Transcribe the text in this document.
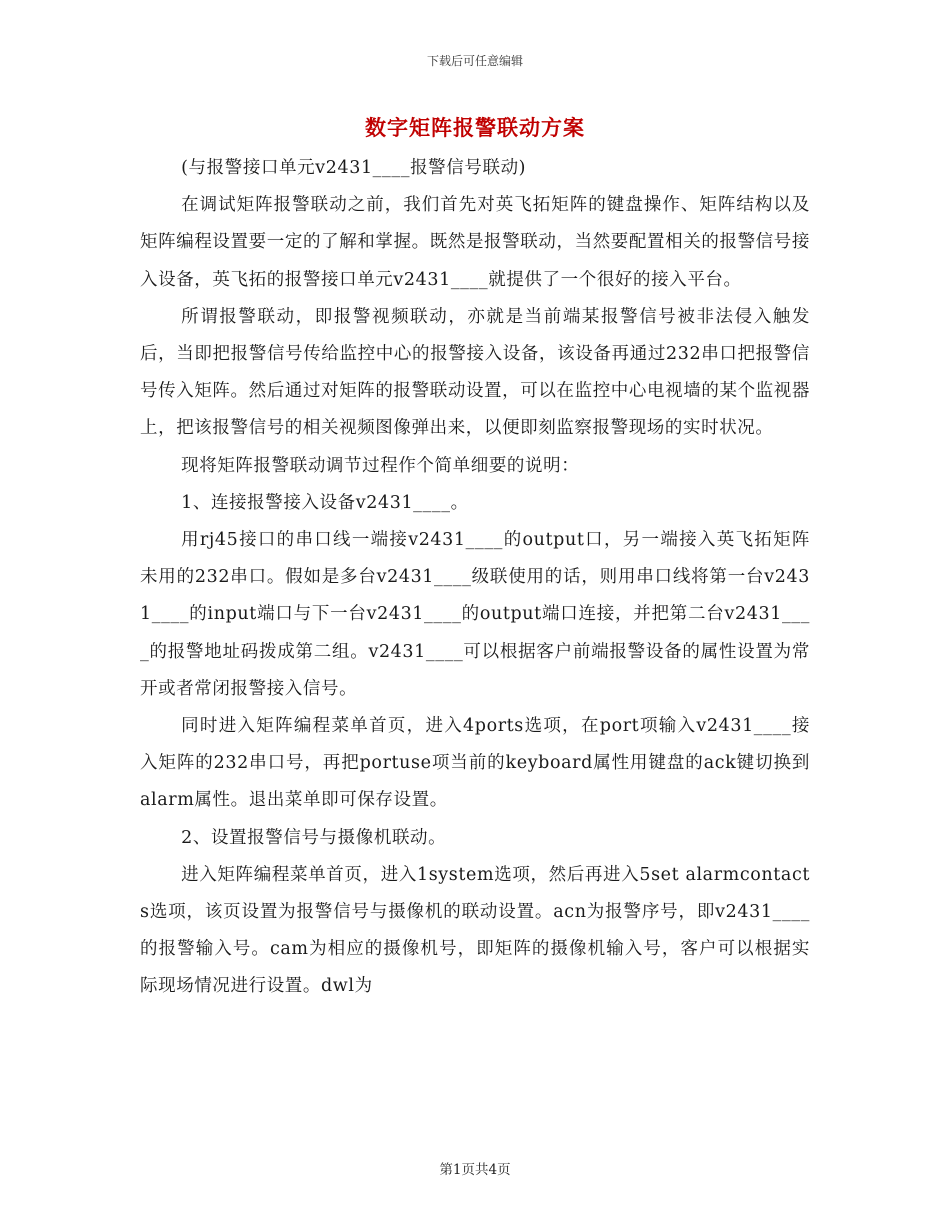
下载后可任意编辑
数字矩阵报警联动方案

(与报警接口单元v2431____报警信号联动)

在调试矩阵报警联动之前，我们首先对英飞拓矩阵的键盘操作、矩阵结构以及矩阵编程设置要一定的了解和掌握。既然是报警联动，当然要配置相关的报警信号接入设备，英飞拓的报警接口单元v2431____就提供了一个很好的接入平台。

所谓报警联动，即报警视频联动，亦就是当前端某报警信号被非法侵入触发后，当即把报警信号传给监控中心的报警接入设备，该设备再通过232串口把报警信号传入矩阵。然后通过对矩阵的报警联动设置，可以在监控中心电视墙的某个监视器上，把该报警信号的相关视频图像弹出来，以便即刻监察报警现场的实时状况。

现将矩阵报警联动调节过程作个简单细要的说明：

1、连接报警接入设备v2431____。

用rj45接口的串口线一端接v2431____的output口，另一端接入英飞拓矩阵未用的232串口。假如是多台v2431____级联使用的话，则用串口线将第一台v2431____的input端口与下一台v2431____的output端口连接，并把第二台v2431____的报警地址码拨成第二组。v2431____可以根据客户前端报警设备的属性设置为常开或者常闭报警接入信号。

同时进入矩阵编程菜单首页，进入4ports选项，在port项输入v2431____接入矩阵的232串口号，再把portuse项当前的keyboard属性用键盘的ack键切换到alarm属性。退出菜单即可保存设置。

2、设置报警信号与摄像机联动。

进入矩阵编程菜单首页，进入1system选项，然后再进入5set alarmcontacts选项，该页设置为报警信号与摄像机的联动设置。acn为报警序号，即v2431____的报警输入号。cam为相应的摄像机号，即矩阵的摄像机输入号，客户可以根据实际现场情况进行设置。dwl为

第1页共4页
